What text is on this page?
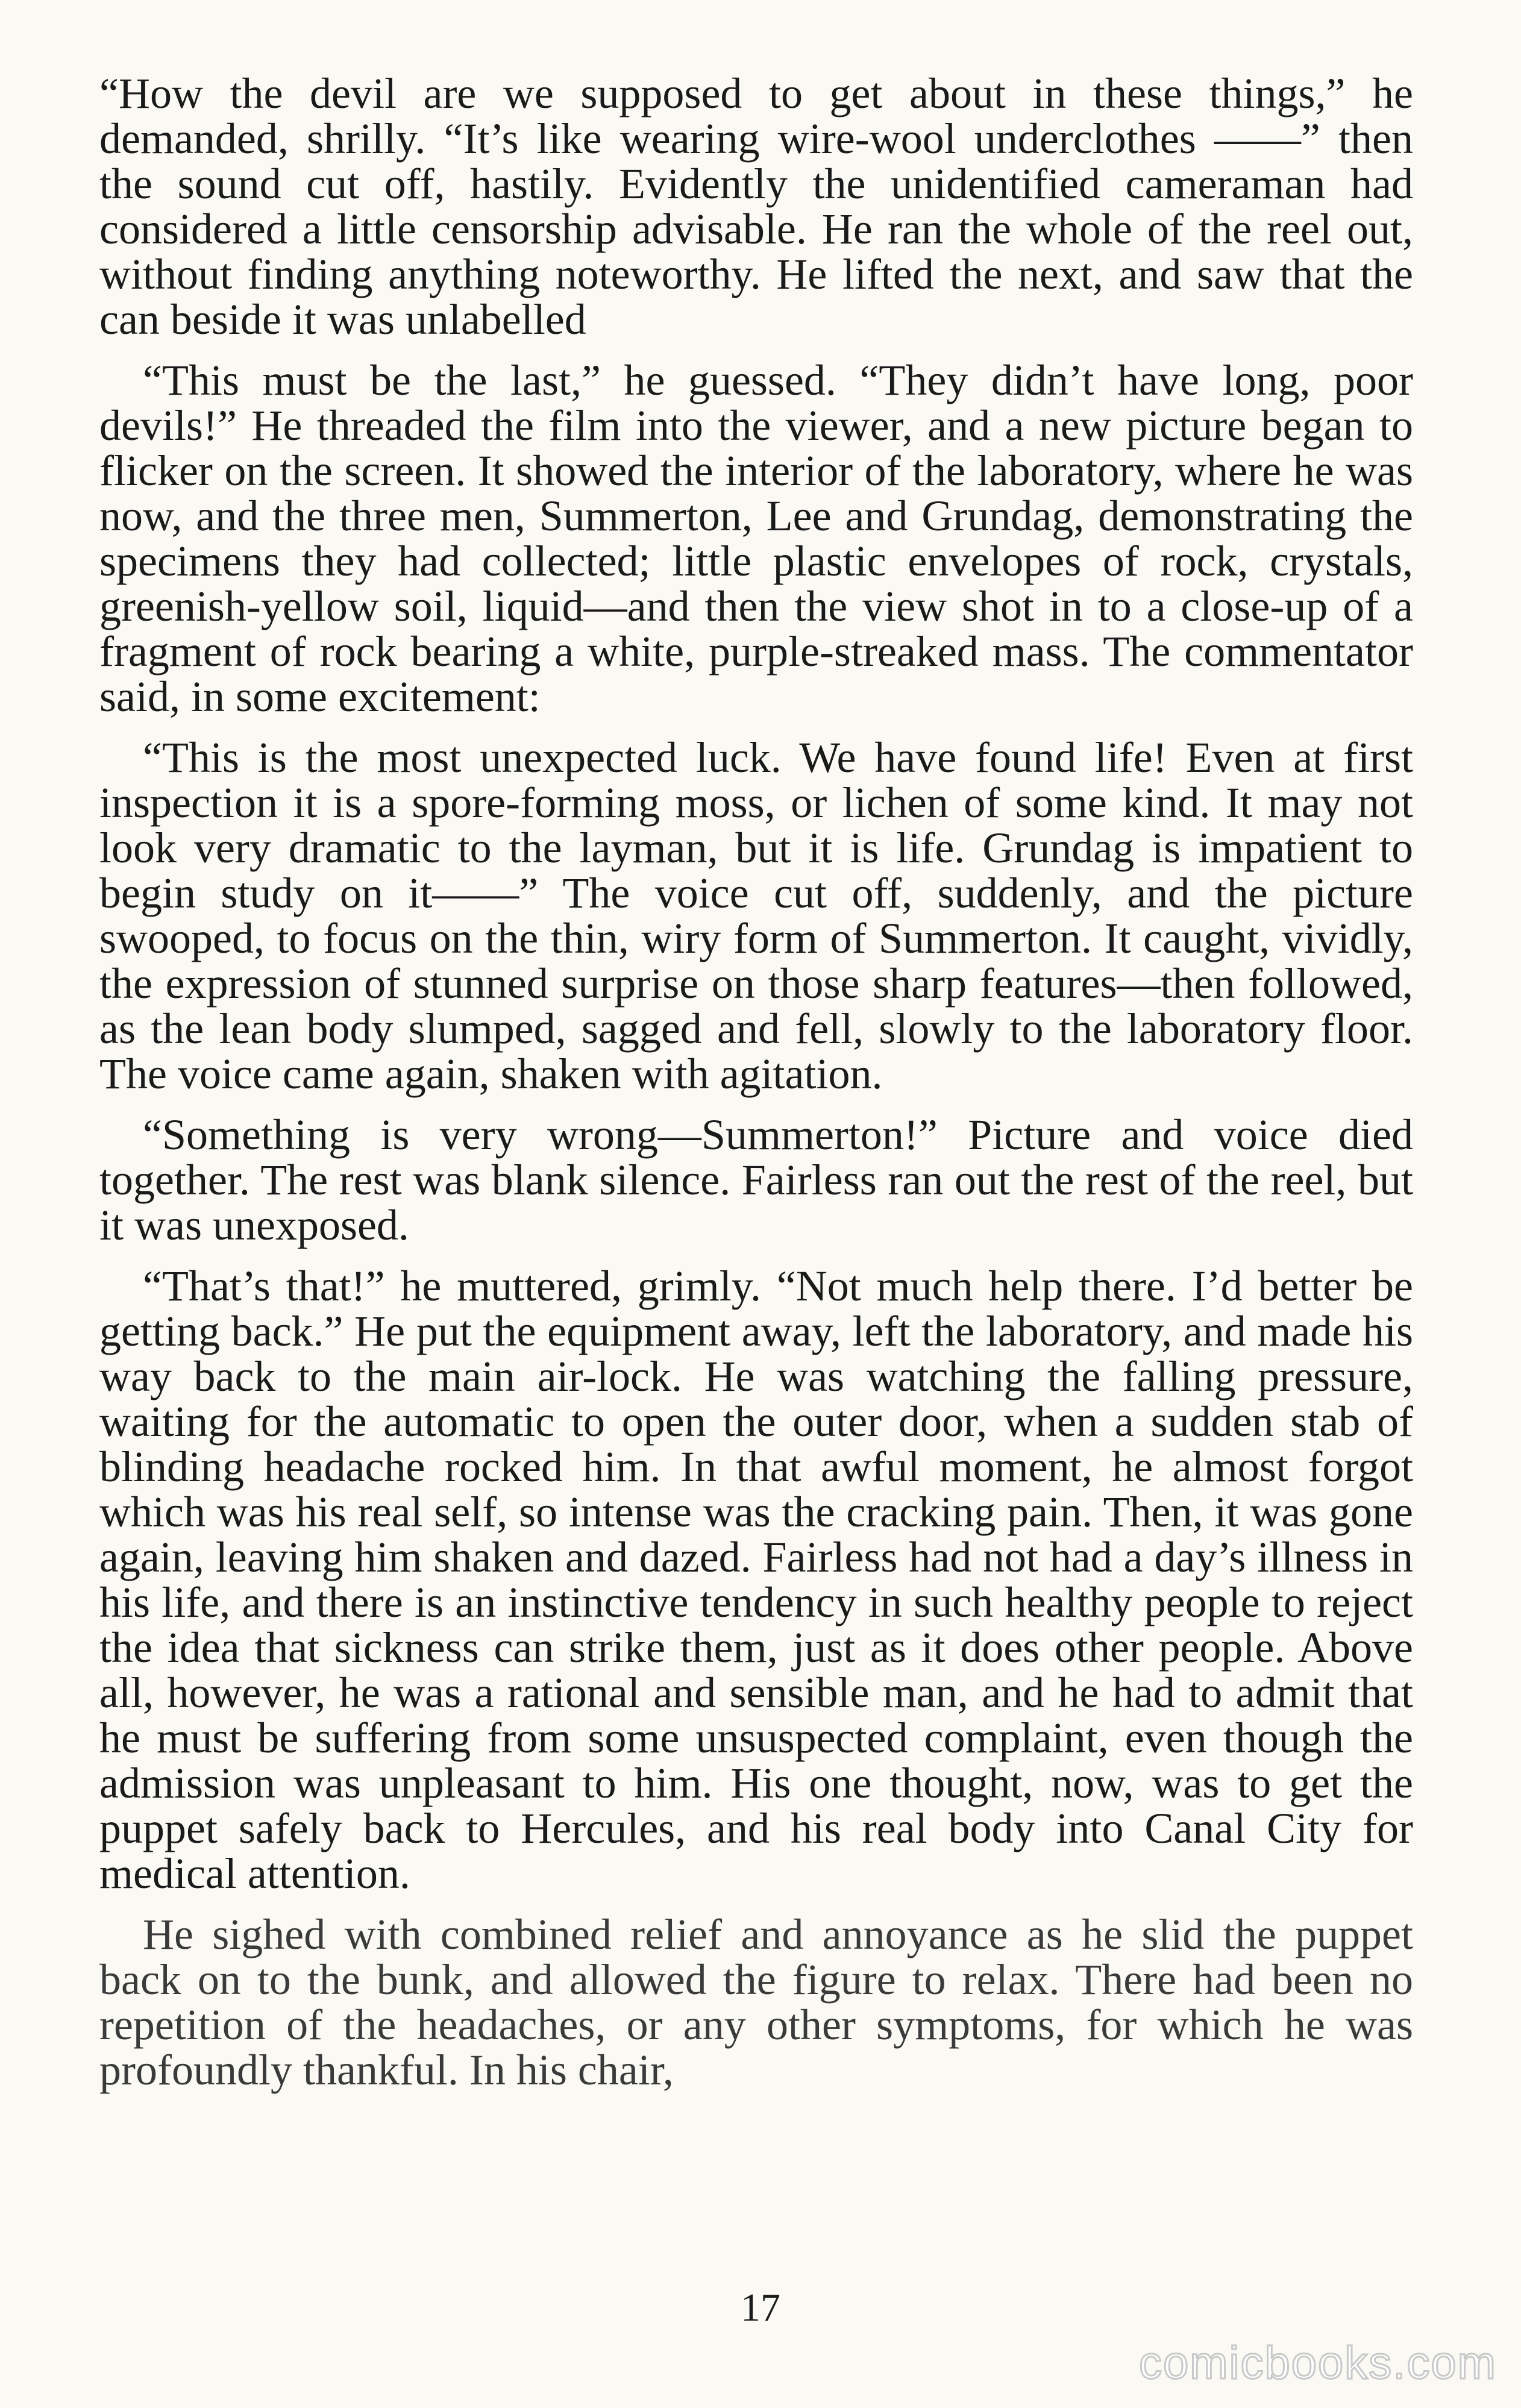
“How the devil are we supposed to get about in these things,” he demanded, shrilly. “It’s like wearing wire-wool underclothes ——” then the sound cut off, hastily. Evidently the unidentified cameraman had considered a little censorship advisable. He ran the whole of the reel out, without finding anything noteworthy. He lifted the next, and saw that the can beside it was unlabelled

“This must be the last,” he guessed. “They didn’t have long, poor devils!” He threaded the film into the viewer, and a new picture began to flicker on the screen. It showed the interior of the laboratory, where he was now, and the three men, Summerton, Lee and Grundag, demonstrating the specimens they had collected; little plastic envelopes of rock, crystals, greenish-yellow soil, liquid—and then the view shot in to a close-up of a fragment of rock bearing a white, purple-streaked mass. The commentator said, in some excitement:

“This is the most unexpected luck. We have found life! Even at first inspection it is a spore-forming moss, or lichen of some kind. It may not look very dramatic to the layman, but it is life. Grundag is impatient to begin study on it——” The voice cut off, suddenly, and the picture swooped, to focus on the thin, wiry form of Summerton. It caught, vividly, the expression of stunned surprise on those sharp features—then followed, as the lean body slumped, sagged and fell, slowly to the laboratory floor. The voice came again, shaken with agitation.

“Something is very wrong—Summerton!” Picture and voice died together. The rest was blank silence. Fairless ran out the rest of the reel, but it was unexposed.

“That’s that!” he muttered, grimly. “Not much help there. I’d better be getting back.” He put the equipment away, left the laboratory, and made his way back to the main air-lock. He was watching the falling pressure, waiting for the automatic to open the outer door, when a sudden stab of blinding headache rocked him. In that awful moment, he almost forgot which was his real self, so intense was the cracking pain. Then, it was gone again, leaving him shaken and dazed. Fairless had not had a day’s illness in his life, and there is an instinctive tendency in such healthy people to reject the idea that sickness can strike them, just as it does other people. Above all, however, he was a rational and sensible man, and he had to admit that he must be suffering from some unsuspected complaint, even though the admission was unpleasant to him. His one thought, now, was to get the puppet safely back to Hercules, and his real body into Canal City for medical attention.

He sighed with combined relief and annoyance as he slid the puppet back on to the bunk, and allowed the figure to relax. There had been no repetition of the headaches, or any other symptoms, for which he was profoundly thankful. In his chair,

17
comicbooks.com
